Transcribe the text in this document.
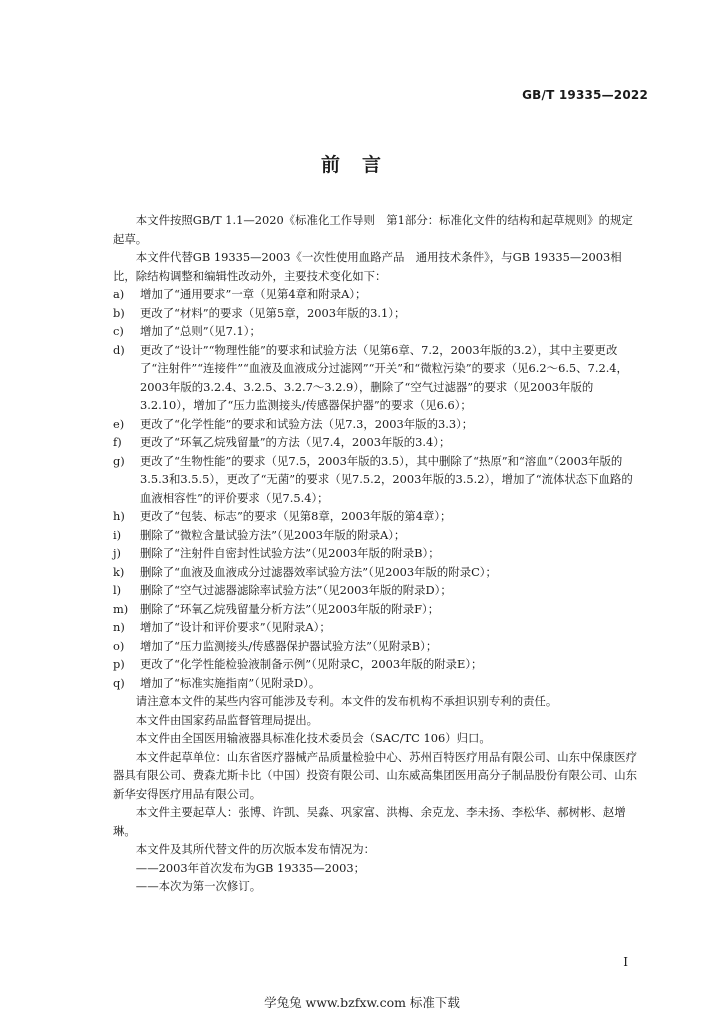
GB/T 19335—2022
前言

本文件按照GB/T 1.1—2020《标准化工作导则　第1部分：标准化文件的结构和起草规则》的规定起草。

本文件代替GB 19335—2003《一次性使用血路产品　通用技术条件》，与GB 19335—2003相比，除结构调整和编辑性改动外，主要技术变化如下：

a)	增加了“通用要求”一章（见第4章和附录A）；
b)	更改了“材料”的要求（见第5章，2003年版的3.1）；
c)	增加了“总则”（见7.1）；
d)	更改了“设计”“物理性能”的要求和试验方法（见第6章、7.2，2003年版的3.2），其中主要更改了“注射件”“连接件”“血液及血液成分过滤网”“开关”和“微粒污染”的要求（见6.2～6.5、7.2.4，2003年版的3.2.4、3.2.5、3.2.7～3.2.9），删除了“空气过滤器”的要求（见2003年版的3.2.10），增加了“压力监测接头/传感器保护器”的要求（见6.6）；
e)	更改了“化学性能”的要求和试验方法（见7.3，2003年版的3.3）；
f)	更改了“环氧乙烷残留量”的方法（见7.4，2003年版的3.4）；
g)	更改了“生物性能”的要求（见7.5，2003年版的3.5），其中删除了“热原”和“溶血”（2003年版的3.5.3和3.5.5），更改了“无菌”的要求（见7.5.2，2003年版的3.5.2），增加了“流体状态下血路的血液相容性”的评价要求（见7.5.4）；
h)	更改了“包装、标志”的要求（见第8章，2003年版的第4章）；
i)	删除了“微粒含量试验方法”（见2003年版的附录A）；
j)	删除了“注射件自密封性试验方法”（见2003年版的附录B）；
k)	删除了“血液及血液成分过滤器效率试验方法”（见2003年版的附录C）；
l)	删除了“空气过滤器滤除率试验方法”（见2003年版的附录D）；
m)	删除了“环氧乙烷残留量分析方法”（见2003年版的附录F）；
n)	增加了“设计和评价要求”（见附录A）；
o)	增加了“压力监测接头/传感器保护器试验方法”（见附录B）；
p)	更改了“化学性能检验液制备示例”（见附录C，2003年版的附录E）；
q)	增加了“标准实施指南”（见附录D）。

请注意本文件的某些内容可能涉及专利。本文件的发布机构不承担识别专利的责任。

本文件由国家药品监督管理局提出。

本文件由全国医用输液器具标准化技术委员会（SAC/TC 106）归口。

本文件起草单位：山东省医疗器械产品质量检验中心、苏州百特医疗用品有限公司、山东中保康医疗器具有限公司、费森尤斯卡比（中国）投资有限公司、山东威高集团医用高分子制品股份有限公司、山东新华安得医疗用品有限公司。

本文件主要起草人：张博、许凯、吴淼、巩家富、洪梅、余克龙、李未扬、李松华、郝树彬、赵增琳。

本文件及其所代替文件的历次版本发布情况为：

——2003年首次发布为GB 19335—2003；

——本次为第一次修订。

I
学兔兔 www.bzfxw.com 标准下载
